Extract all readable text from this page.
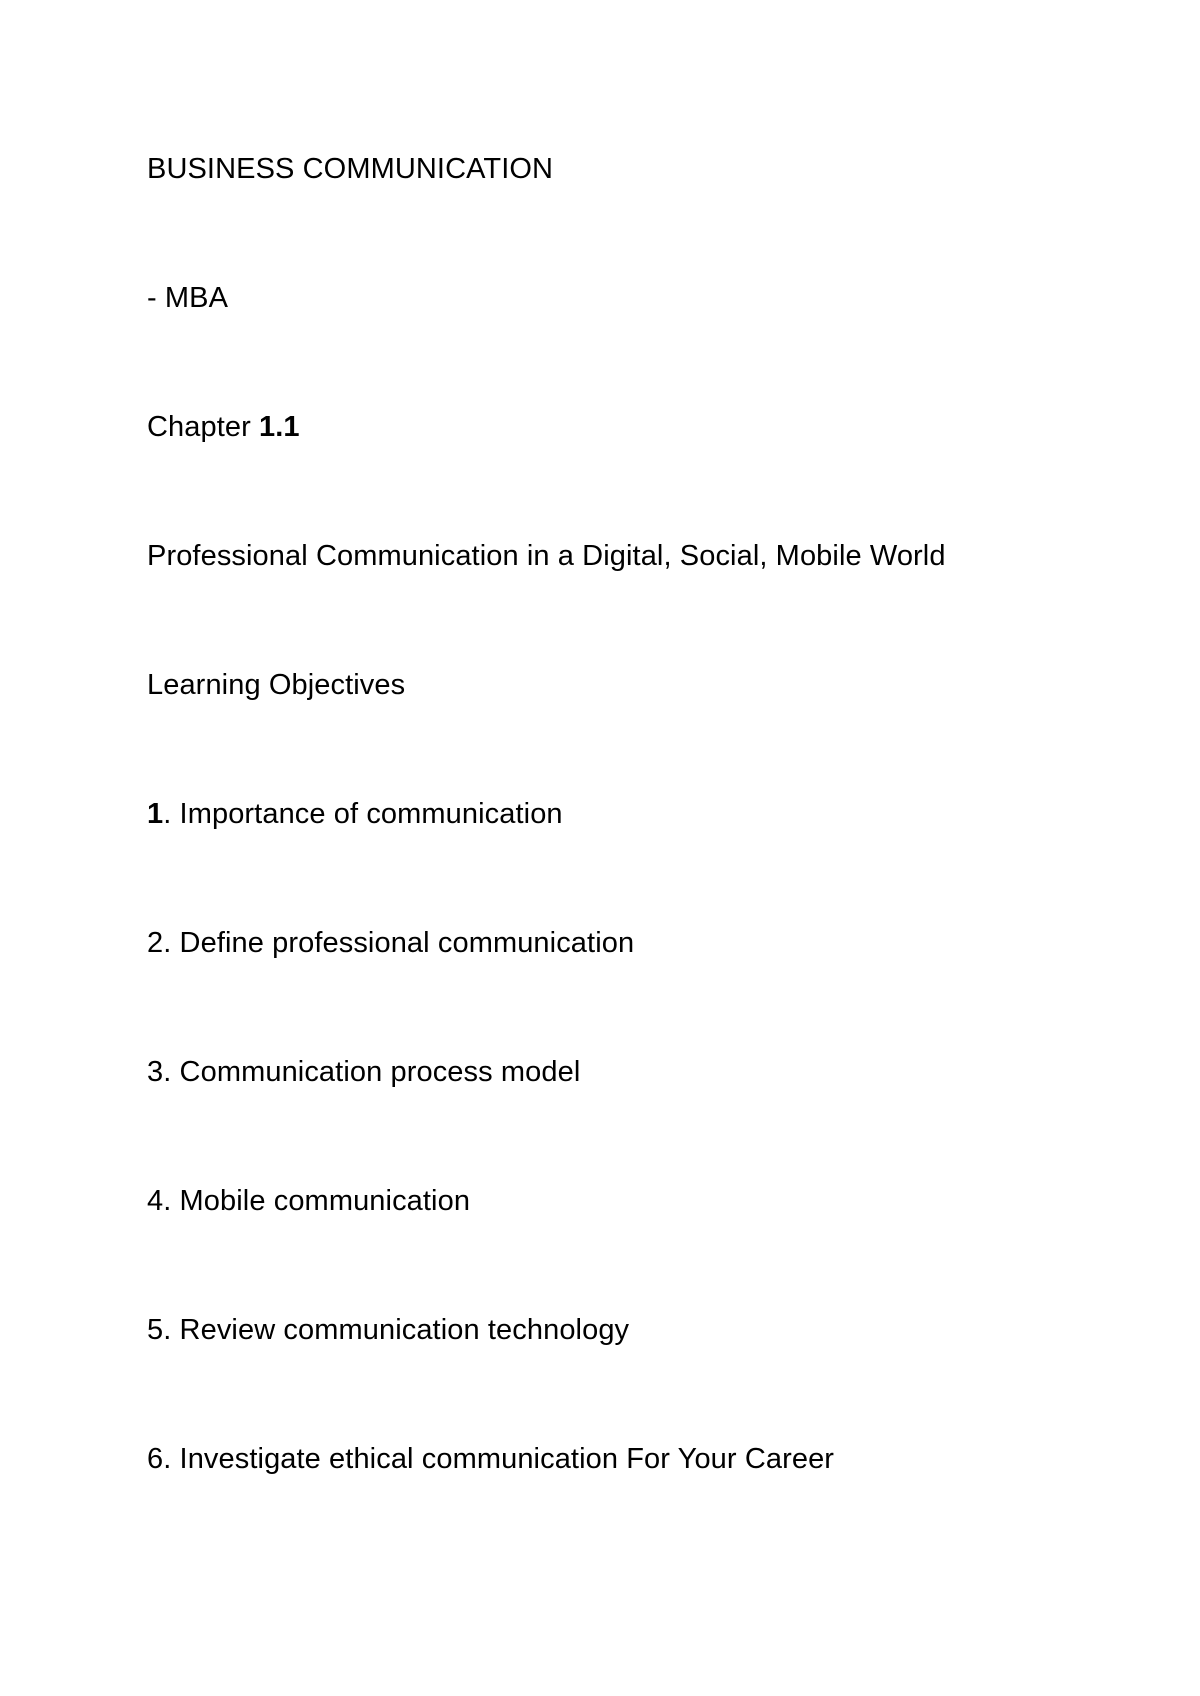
BUSINESS COMMUNICATION

- MBA

Chapter 1.1

Professional Communication in a Digital, Social, Mobile World

Learning Objectives

1. Importance of communication

2. Define professional communication

3. Communication process model

4. Mobile communication

5. Review communication technology

6. Investigate ethical communication For Your Career
